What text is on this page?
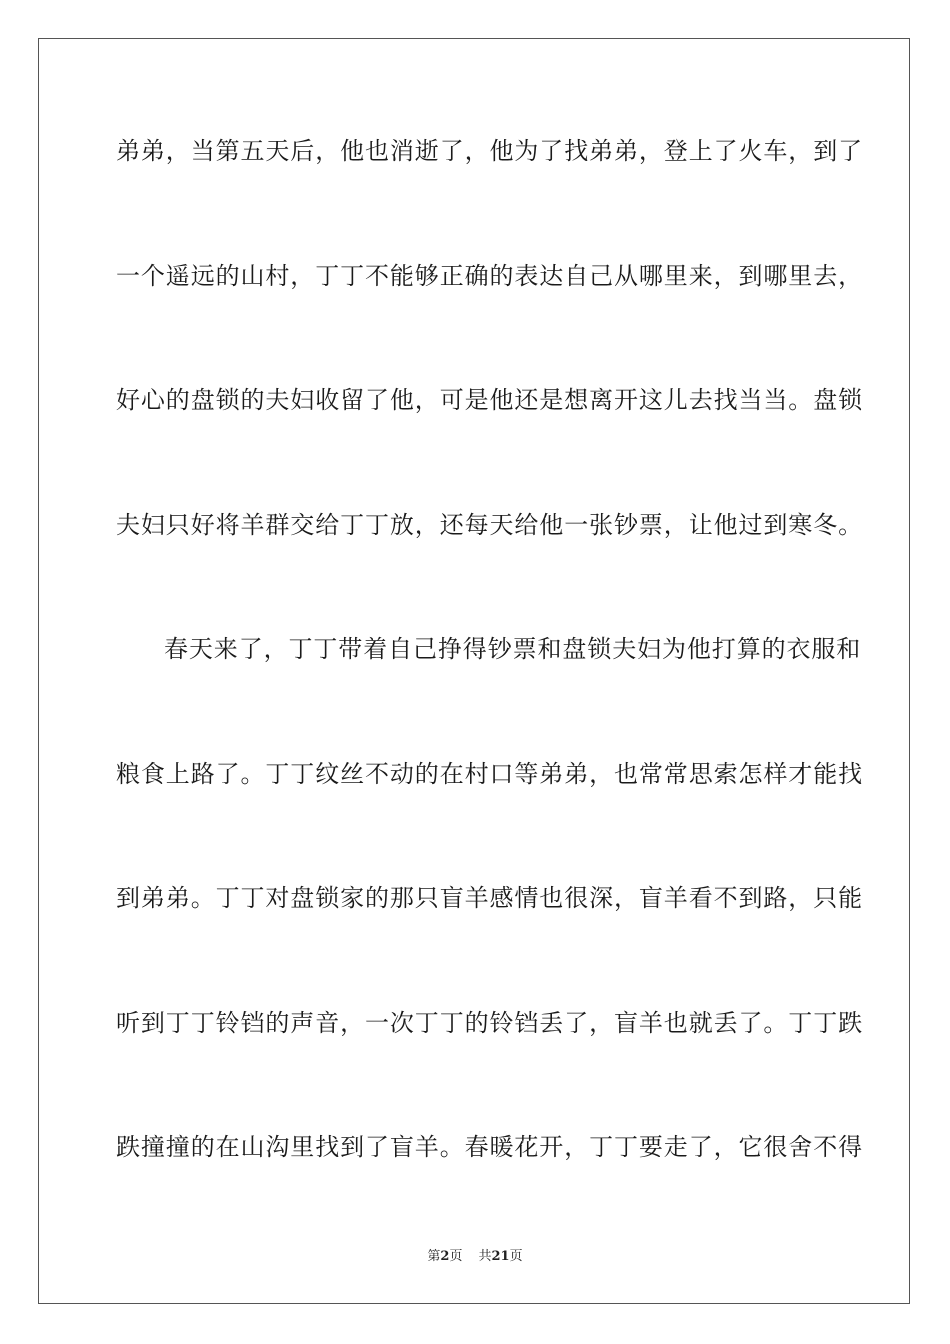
弟弟，当第五天后，他也消逝了，他为了找弟弟，登上了火车，到了
一个遥远的山村，丁丁不能够正确的表达自己从哪里来，到哪里去，
好心的盘锁的夫妇收留了他，可是他还是想离开这儿去找当当。盘锁
夫妇只好将羊群交给丁丁放，还每天给他一张钞票，让他过到寒冬。
春天来了，丁丁带着自己挣得钞票和盘锁夫妇为他打算的衣服和
粮食上路了。丁丁纹丝不动的在村口等弟弟，也常常思索怎样才能找
到弟弟。丁丁对盘锁家的那只盲羊感情也很深，盲羊看不到路，只能
听到丁丁铃铛的声音，一次丁丁的铃铛丢了，盲羊也就丢了。丁丁跌
跌撞撞的在山沟里找到了盲羊。春暖花开，丁丁要走了，它很舍不得
第2页 共21页
